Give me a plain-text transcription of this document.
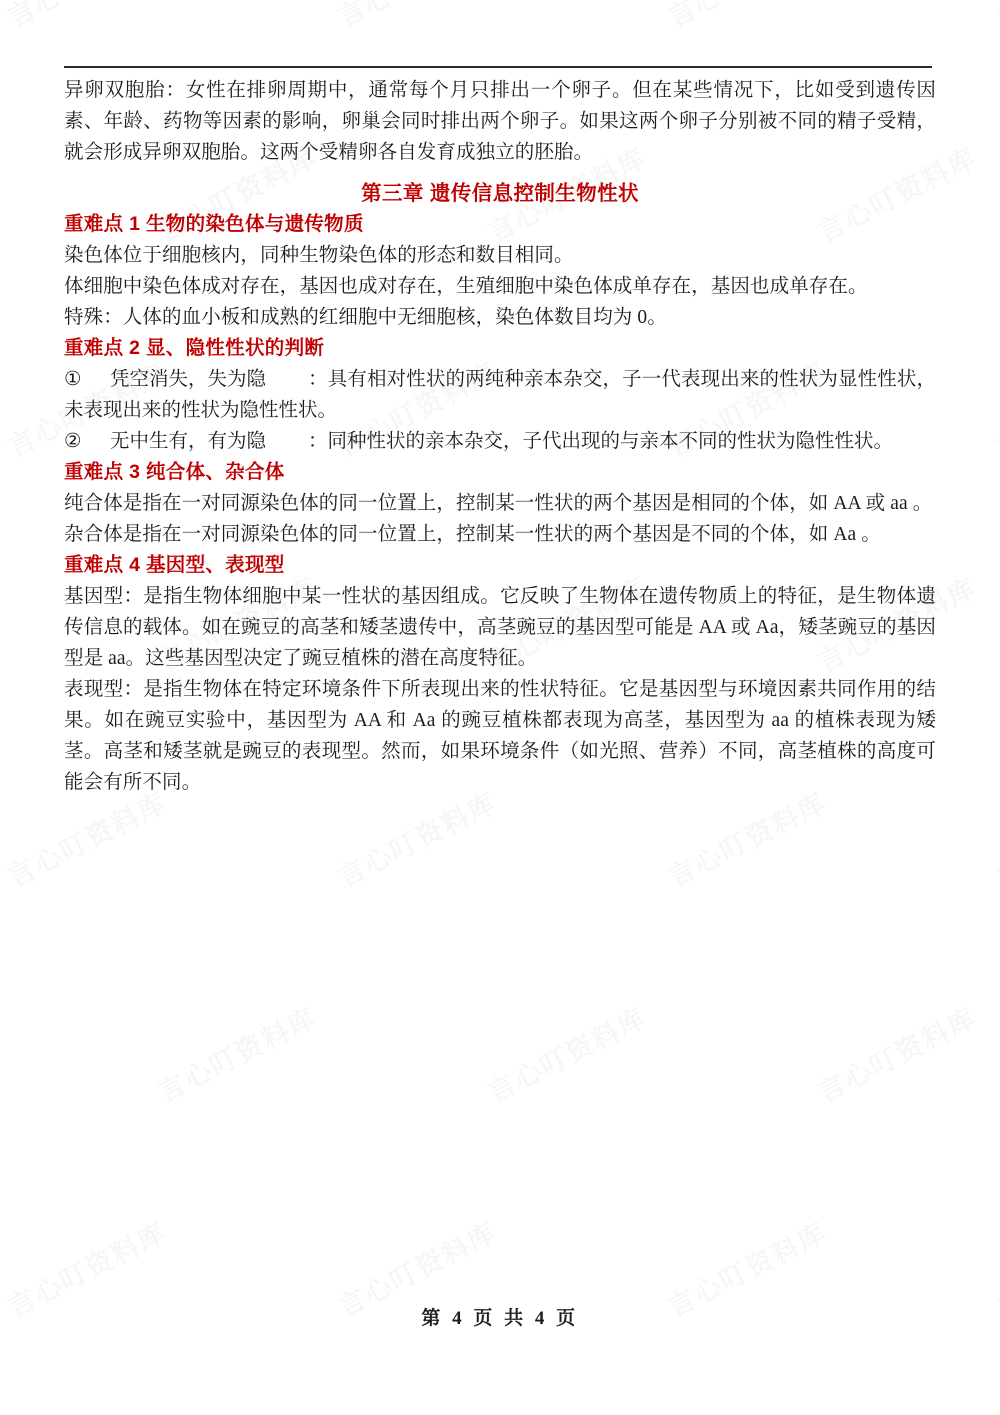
异卵双胞胎：女性在排卵周期中，通常每个月只排出一个卵子。但在某些情况下，比如受到遗传因素、年龄、药物等因素的影响，卵巢会同时排出两个卵子。如果这两个卵子分别被不同的精子受精，就会形成异卵双胞胎。这两个受精卵各自发育成独立的胚胎。

第三章 遗传信息控制生物性状
重难点 1 生物的染色体与遗传物质

染色体位于细胞核内，同种生物染色体的形态和数目相同。

体细胞中染色体成对存在，基因也成对存在，生殖细胞中染色体成单存在，基因也成单存在。

特殊：人体的血小板和成熟的红细胞中无细胞核，染色体数目均为 0。

重难点 2 显、隐性性状的判断

① 凭空消失，失为隐 ：具有相对性状的两纯种亲本杂交，子一代表现出来的性状为显性性状，未表现出来的性状为隐性性状。

② 无中生有，有为隐 ：同种性状的亲本杂交，子代出现的与亲本不同的性状为隐性性状。

重难点 3 纯合体、杂合体

纯合体是指在一对同源染色体的同一位置上，控制某一性状的两个基因是相同的个体，如 AA 或 aa 。

杂合体是指在一对同源染色体的同一位置上，控制某一性状的两个基因是不同的个体，如 Aa 。

重难点 4 基因型、表现型

基因型：是指生物体细胞中某一性状的基因组成。它反映了生物体在遗传物质上的特征，是生物体遗传信息的载体。如在豌豆的高茎和矮茎遗传中，高茎豌豆的基因型可能是 AA 或 Aa，矮茎豌豆的基因型是 aa。这些基因型决定了豌豆植株的潜在高度特征。

表现型：是指生物体在特定环境条件下所表现出来的性状特征。它是基因型与环境因素共同作用的结果。如在豌豆实验中，基因型为 AA 和 Aa 的豌豆植株都表现为高茎，基因型为 aa 的植株表现为矮茎。高茎和矮茎就是豌豆的表现型。然而，如果环境条件（如光照、营养）不同，高茎植株的高度可能会有所不同。

第 4 页 共 4 页
